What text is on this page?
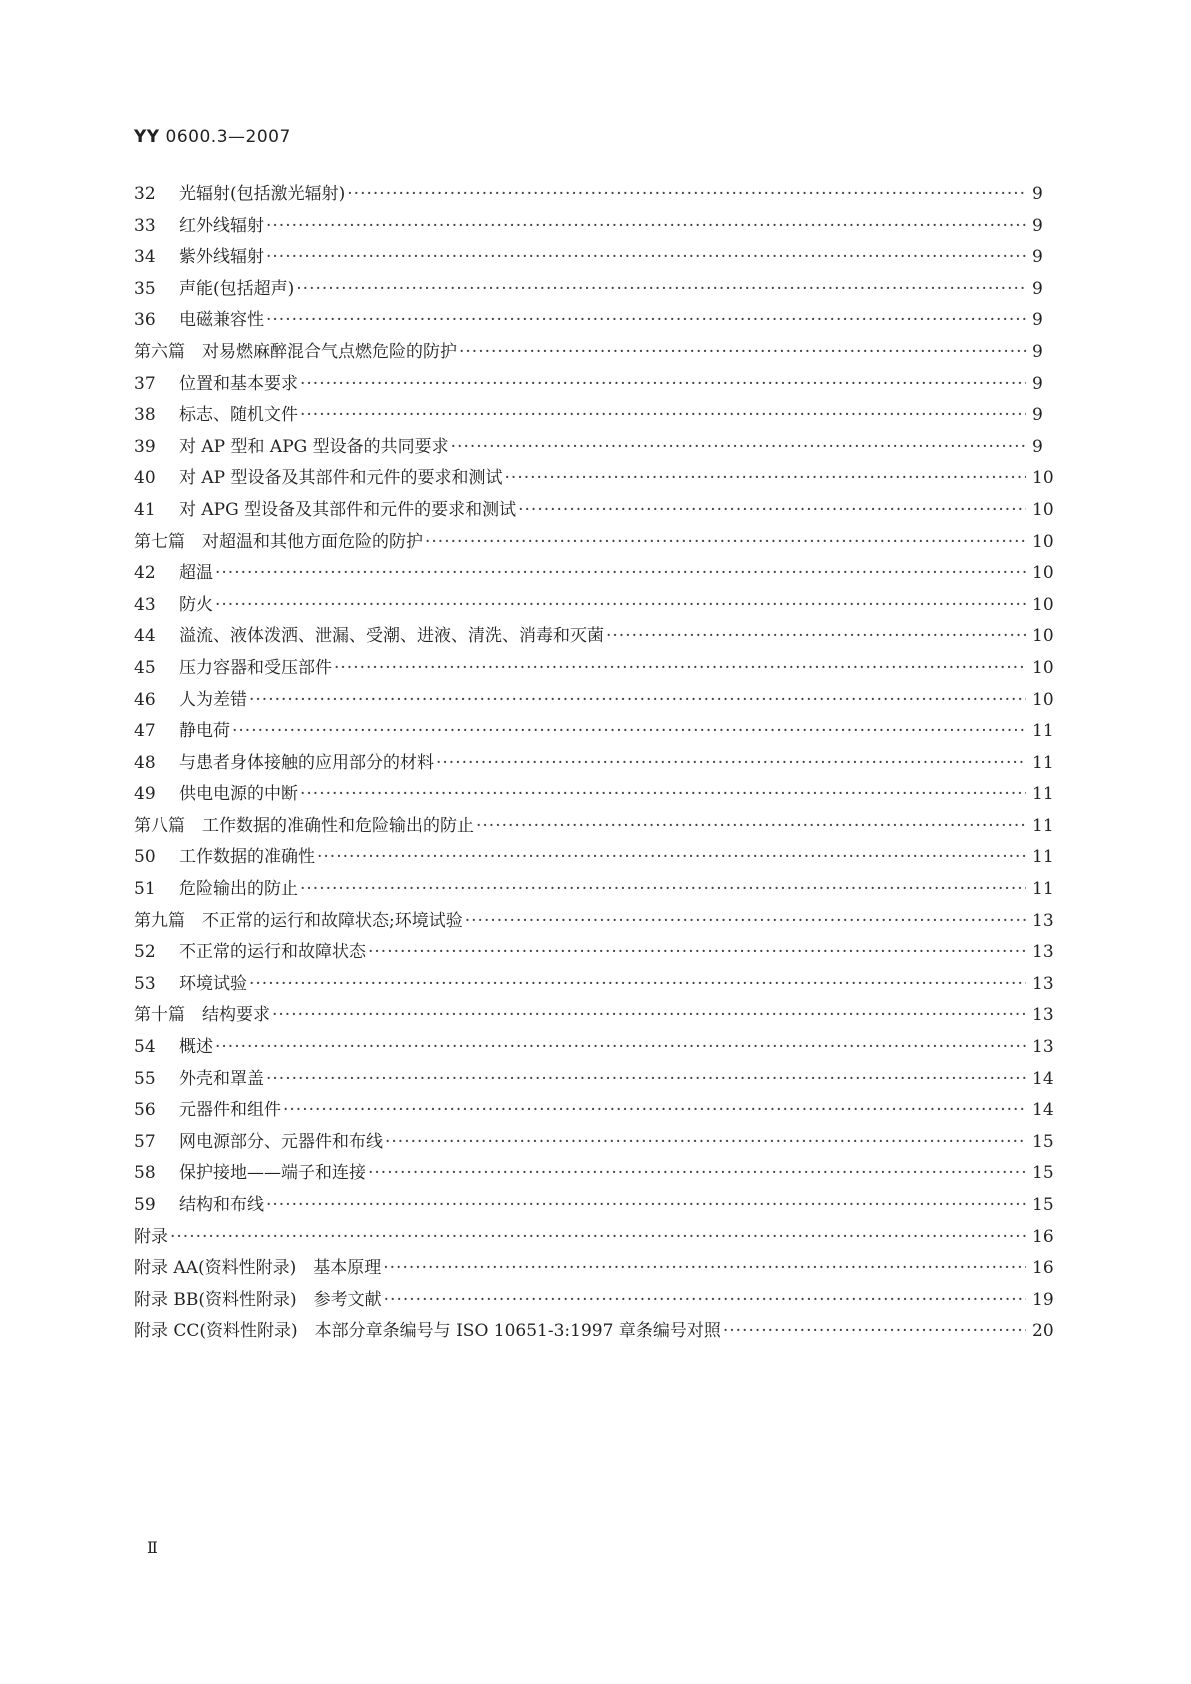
YY 0600.3—2007
32	光辐射(包括激光辐射) ·····	9
33	红外线辐射 ·····	9
34	紫外线辐射 ·····	9
35	声能(包括超声) ·····	9
36	电磁兼容性 ·····	9
第六篇　对易燃麻醉混合气点燃危险的防护 ·····	9
37	位置和基本要求 ·····	9
38	标志、随机文件 ·····	9
39	对 AP 型和 APG 型设备的共同要求 ·····	9
40	对 AP 型设备及其部件和元件的要求和测试 ·····	10
41	对 APG 型设备及其部件和元件的要求和测试 ·····	10
第七篇　对超温和其他方面危险的防护 ·····	10
42	超温 ·····	10
43	防火 ·····	10
44	溢流、液体泼洒、泄漏、受潮、进液、清洗、消毒和灭菌 ·····	10
45	压力容器和受压部件 ·····	10
46	人为差错 ·····	10
47	静电荷 ·····	11
48	与患者身体接触的应用部分的材料 ·····	11
49	供电电源的中断 ·····	11
第八篇　工作数据的准确性和危险输出的防止 ·····	11
50	工作数据的准确性 ·····	11
51	危险输出的防止 ·····	11
第九篇　不正常的运行和故障状态;环境试验 ·····	13
52	不正常的运行和故障状态 ·····	13
53	环境试验 ·····	13
第十篇　结构要求 ·····	13
54	概述 ·····	13
55	外壳和罩盖 ·····	14
56	元器件和组件 ·····	14
57	网电源部分、元器件和布线 ·····	15
58	保护接地——端子和连接 ·····	15
59	结构和布线 ·····	15
附录 ·····	16
附录 AA(资料性附录)　基本原理 ·····	16
附录 BB(资料性附录)　参考文献 ·····	19
附录 CC(资料性附录)　本部分章条编号与 ISO 10651-3:1997 章条编号对照 ·····	20
Ⅱ
